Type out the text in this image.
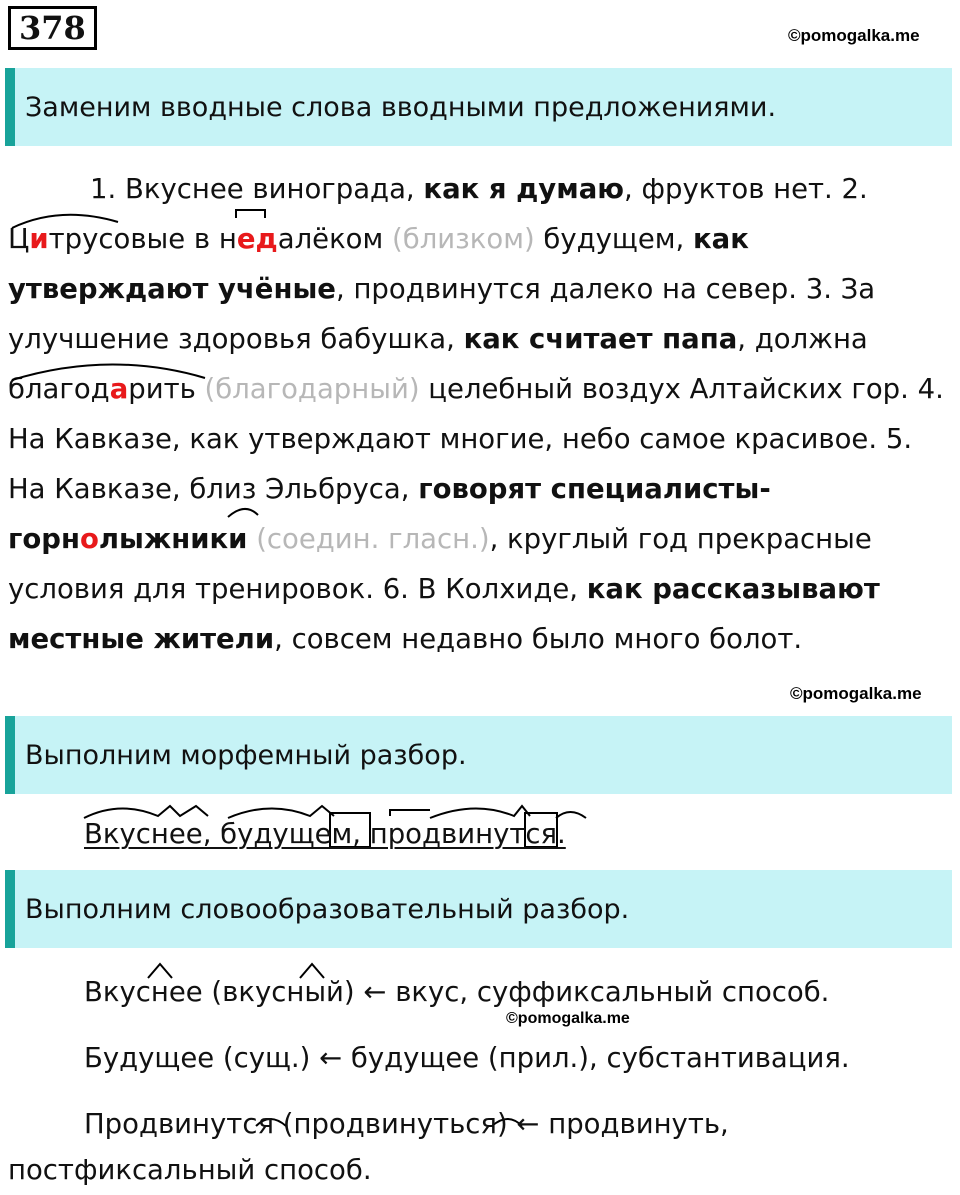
378	©pomogalka.me
Заменим вводные слова вводными предложениями.

1. Вкуснее винограда, как я думаю, фруктов нет. 2. Цитрусовые в недалёком (близком) будущем, как утверждают учёные, продвинутся далеко на север. 3. За улучшение здоровья бабушка, как считает папа, должна благодарить (благодарный) целебный воздух Алтайских гор. 4. На Кавказе, как утверждают многие, небо самое красивое. 5. На Кавказе, близ Эльбруса, говорят специалисты-горнолыжники (соедин. гласн.), круглый год прекрасные условия для тренировок. 6. В Колхиде, как рассказывают местные жители, совсем недавно было много болот.

©pomogalka.me
Выполним морфемный разбор.
Вкуснее, будущем, продвинутся.
Выполним словообразовательный разбор.
Вкуснее (вкусный) ← вкус, суффиксальный способ.
©pomogalka.me
Будущее (сущ.) ← будущее (прил.), субстантивация.
Продвинутся (продвинуться) ← продвинуть,
постфиксальный способ.
